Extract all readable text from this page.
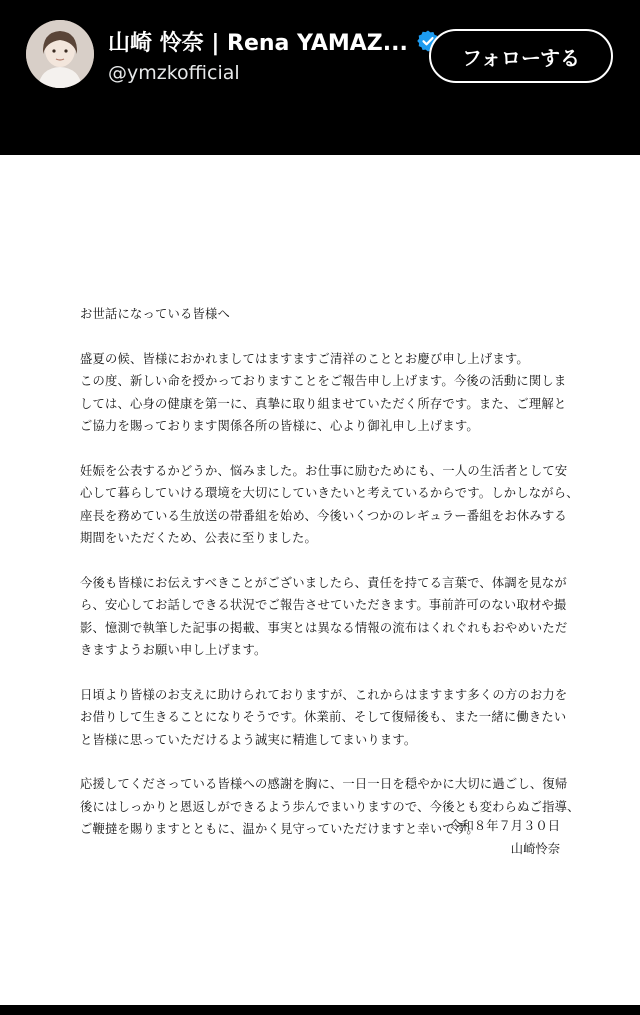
山崎 怜奈 | Rena YAMAZ...
@ymzkofficial
フォローする

お世話になっている皆様へ

盛夏の候、皆様におかれましてはますますご清祥のこととお慶び申し上げます。

この度、新しい命を授かっておりますことをご報告申し上げます。今後の活動に関しま

しては、心身の健康を第一に、真摯に取り組ませていただく所存です。また、ご理解と

ご協力を賜っております関係各所の皆様に、心より御礼申し上げます。

妊娠を公表するかどうか、悩みました。お仕事に励むためにも、一人の生活者として安

心して暮らしていける環境を大切にしていきたいと考えているからです。しかしながら、

座長を務めている生放送の帯番組を始め、今後いくつかのレギュラー番組をお休みする

期間をいただくため、公表に至りました。

今後も皆様にお伝えすべきことがございましたら、責任を持てる言葉で、体調を見なが

ら、安心してお話しできる状況でご報告させていただきます。事前許可のない取材や撮

影、憶測で執筆した記事の掲載、事実とは異なる情報の流布はくれぐれもおやめいただ

きますようお願い申し上げます。

日頃より皆様のお支えに助けられておりますが、これからはますます多くの方のお力を

お借りして生きることになりそうです。休業前、そして復帰後も、また一緒に働きたい

と皆様に思っていただけるよう誠実に精進してまいります。

応援してくださっている皆様への感謝を胸に、一日一日を穏やかに大切に過ごし、復帰

後にはしっかりと恩返しができるよう歩んでまいりますので、今後とも変わらぬご指導、

ご鞭撻を賜りますとともに、温かく見守っていただけますと幸いです。

令和８年７月３０日

山崎怜奈
